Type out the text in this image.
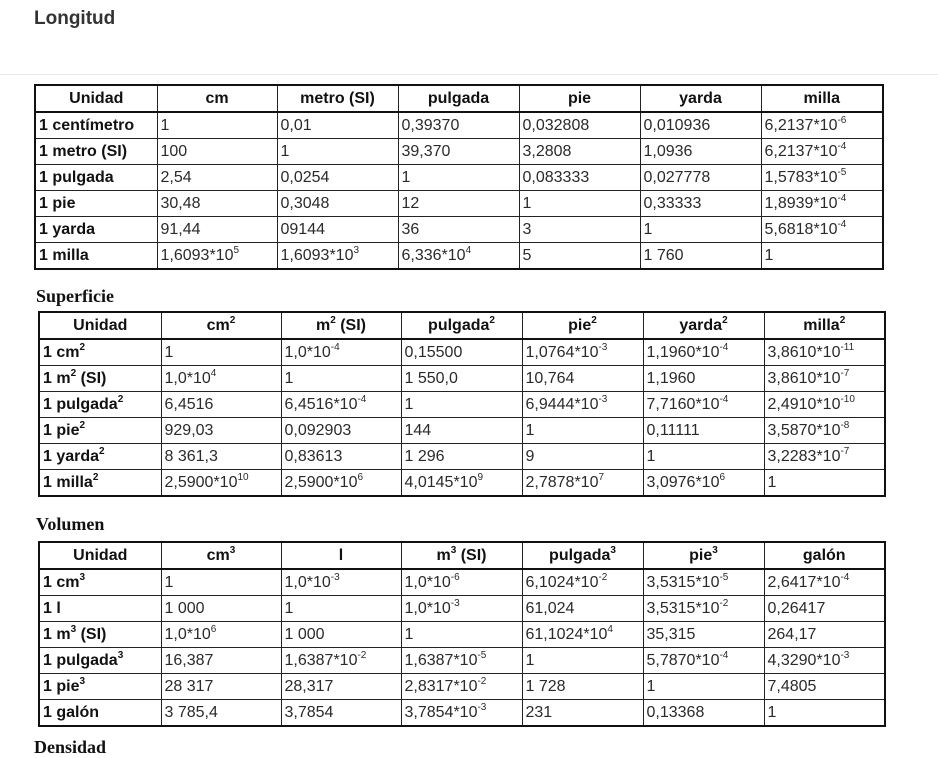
Longitud
Unidad	cm	metro (SI)	pulgada	pie	yarda	milla
1 centímetro	1	0,01	0,39370	0,032808	0,010936	$6,2137*10^{-6}$
1 metro (SI)	100	1	39,370	3,2808	1,0936	$6,2137*10^{-4}$
1 pulgada	2,54	0,0254	1	0,083333	0,027778	$1,5783*10^{-5}$
1 pie	30,48	0,3048	12	1	0,33333	$1,8939*10^{-4}$
1 yarda	91,44	09144	36	3	1	$5,6818*10^{-4}$
1 milla	$1,6093*10^5$	$1,6093*10^3$	$6,336*10^4$	5	1 760	1
Superficie
Unidad	$cm^2$	$m^2$ (SI)	pulgada$^2$	pie$^2$	yarda$^2$	milla$^2$
1 $cm^2$	1	$1,0*10^{-4}$	0,15500	$1,0764*10^{-3}$	$1,1960*10^{-4}$	$3,8610*10^{-11}$
1 $m^2$ (SI)	$1,0*10^4$	1	1 550,0	10,764	1,1960	$3,8610*10^{-7}$
1 pulgada$^2$	6,4516	$6,4516*10^{-4}$	1	$6,9444*10^{-3}$	$7,7160*10^{-4}$	$2,4910*10^{-10}$
1 pie$^2$	929,03	0,092903	144	1	0,11111	$3,5870*10^{-8}$
1 yarda$^2$	8 361,3	0,83613	1 296	9	1	$3,2283*10^{-7}$
1 milla$^2$	$2,5900*10^{10}$	$2,5900*10^6$	$4,0145*10^9$	$2,7878*10^7$	$3,0976*10^6$	1
Volumen
Unidad	$cm^3$	l	$m^3$ (SI)	pulgada$^3$	pie$^3$	galón
1 $cm^3$	1	$1,0*10^{-3}$	$1,0*10^{-6}$	$6,1024*10^{-2}$	$3,5315*10^{-5}$	$2,6417*10^{-4}$
1 l	1 000	1	$1,0*10^{-3}$	61,024	$3,5315*10^{-2}$	0,26417
1 $m^3$ (SI)	$1,0*10^6$	1 000	1	$61,1024*10^4$	35,315	264,17
1 pulgada$^3$	16,387	$1,6387*10^{-2}$	$1,6387*10^{-5}$	1	$5,7870*10^{-4}$	$4,3290*10^{-3}$
1 pie$^3$	28 317	28,317	$2,8317*10^{-2}$	1 728	1	7,4805
1 galón	3 785,4	3,7854	$3,7854*10^{-3}$	231	0,13368	1
Densidad
